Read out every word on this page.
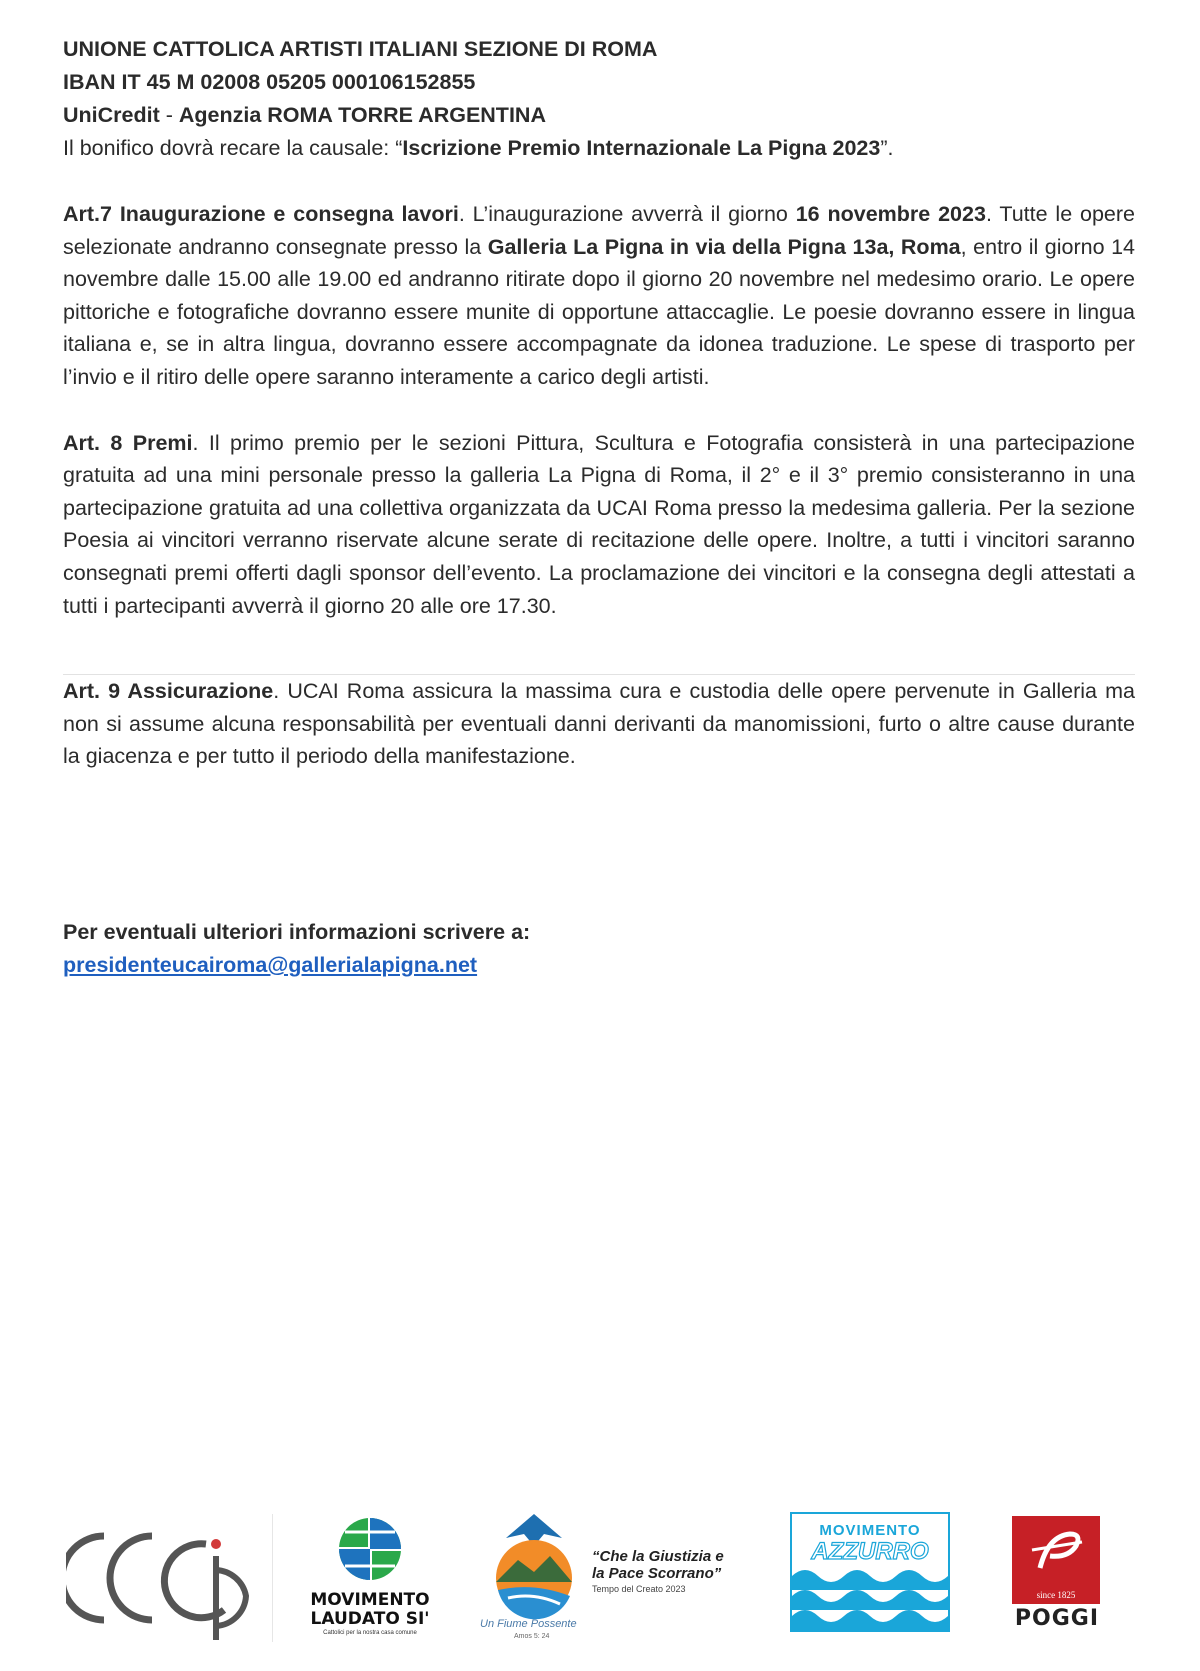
UNIONE CATTOLICA ARTISTI ITALIANI SEZIONE DI ROMA
IBAN IT 45 M 02008 05205 000106152855
UniCredit - Agenzia ROMA TORRE ARGENTINA
Il bonifico dovrà recare la causale: “Iscrizione Premio Internazionale La Pigna 2023”.

Art.7 Inaugurazione e consegna lavori. L’inaugurazione avverrà il giorno 16 novembre 2023. Tutte le opere selezionate andranno consegnate presso la Galleria La Pigna in via della Pigna 13a, Roma, entro il giorno 14 novembre dalle 15.00 alle 19.00 ed andranno ritirate dopo il giorno 20 novembre nel medesimo orario. Le opere pittoriche e fotografiche dovranno essere munite di opportune attaccaglie. Le poesie dovranno essere in lingua italiana e, se in altra lingua, dovranno essere accompagnate da idonea traduzione. Le spese di trasporto per l’invio e il ritiro delle opere saranno interamente a carico degli artisti.

Art. 8 Premi. Il primo premio per le sezioni Pittura, Scultura e Fotografia consisterà in una partecipazione gratuita ad una mini personale presso la galleria La Pigna di Roma, il 2° e il 3° premio consisteranno in una partecipazione gratuita ad una collettiva organizzata da UCAI Roma presso la medesima galleria. Per la sezione Poesia ai vincitori verranno riservate alcune serate di recitazione delle opere. Inoltre, a tutti i vincitori saranno consegnati premi offerti dagli sponsor dell’evento. La proclamazione dei vincitori e la consegna degli attestati a tutti i partecipanti avverrà il giorno 20 alle ore 17.30.

Art. 9 Assicurazione. UCAI Roma assicura la massima cura e custodia delle opere pervenute in Galleria ma non si assume alcuna responsabilità per eventuali danni derivanti da manomissioni, furto o altre cause durante la giacenza e per tutto il periodo della manifestazione.

Per eventuali ulteriori informazioni scrivere a:
presidenteucairoma@gallerialapigna.net
MOVIMENTO
LAUDATO SI'
Cattolici per la nostra casa comune
Un Fiume Possente
Amos 5: 24
“Che la Giustizia e
la Pace Scorrano”
Tempo del Creato 2023
MOVIMENTO
AZZURRO
since 1825
POGGI
